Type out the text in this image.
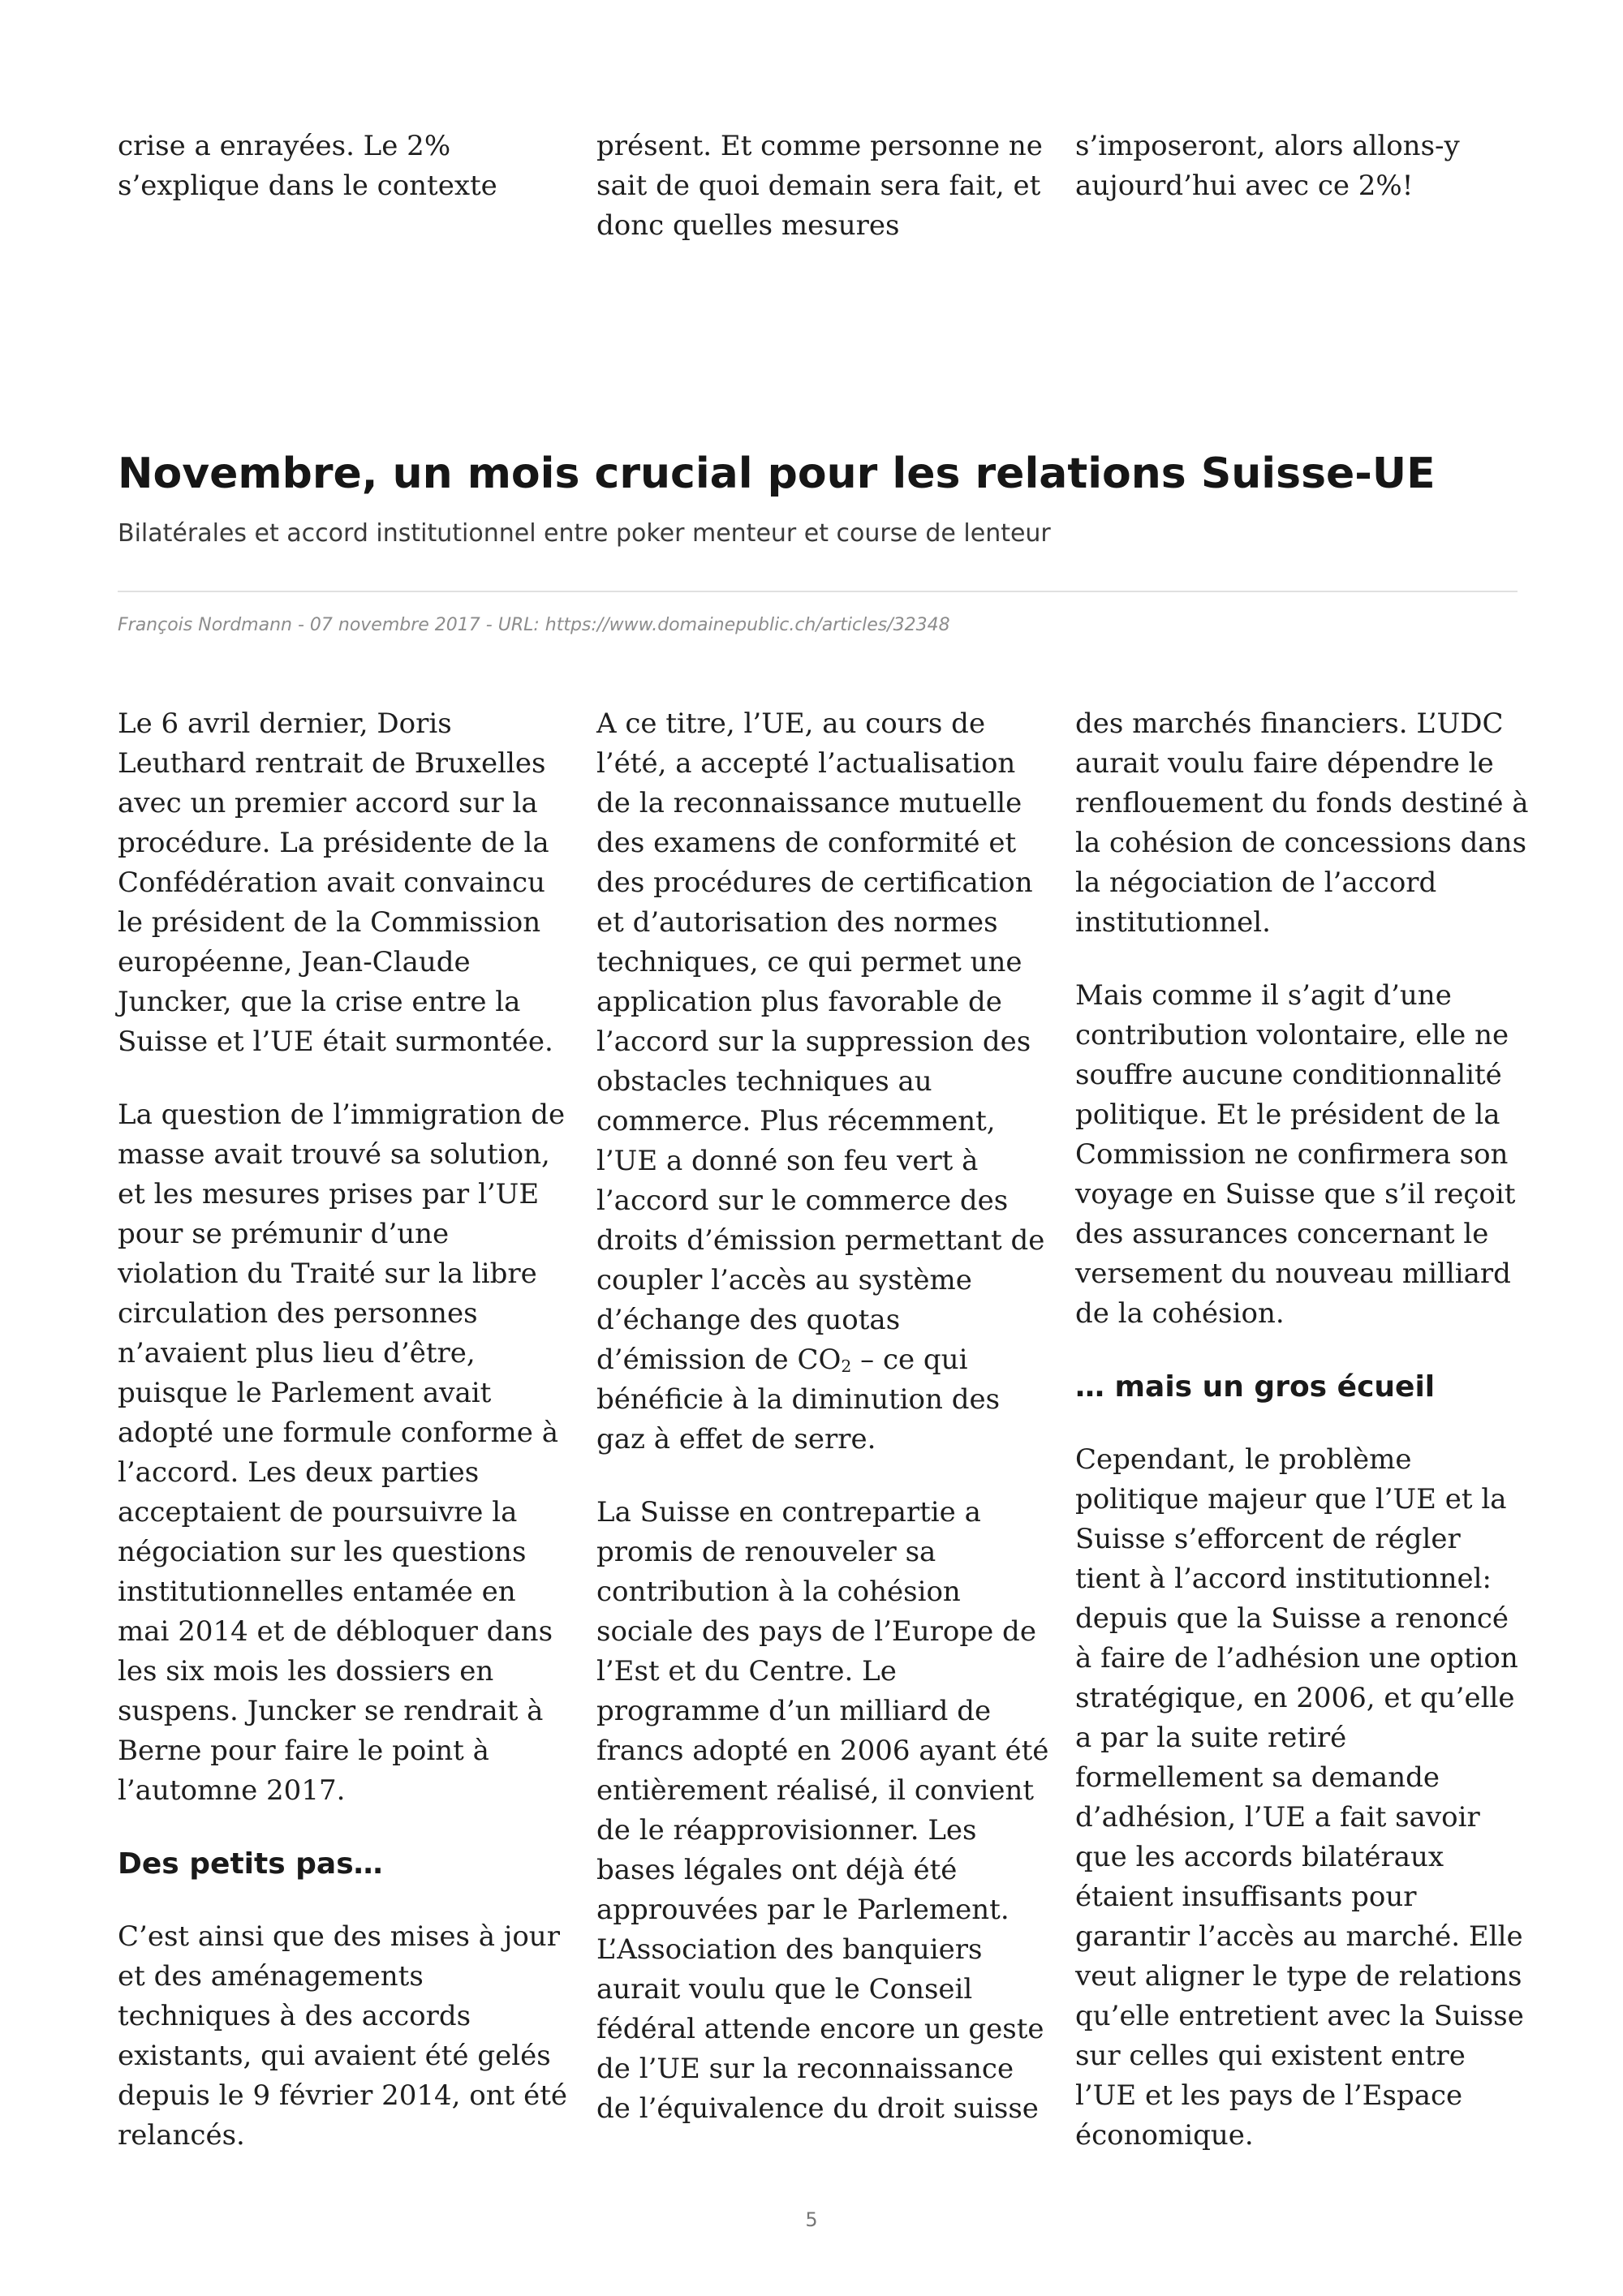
crise a enrayées. Le 2% s’explique dans le contexte

présent. Et comme personne ne sait de quoi demain sera fait, et donc quelles mesures

s’imposeront, alors allons-y aujourd’hui avec ce 2%!

Novembre, un mois crucial pour les relations Suisse-UE

Bilatérales et accord institutionnel entre poker menteur et course de lenteur

François Nordmann - 07 novembre 2017 - URL: https://www.domainepublic.ch/articles/32348

Le 6 avril dernier, Doris Leuthard rentrait de Bruxelles avec un premier accord sur la procédure. La présidente de la Confédération avait convaincu le président de la Commission européenne, Jean-Claude Juncker, que la crise entre la Suisse et l’UE était surmontée.

La question de l’immigration de masse avait trouvé sa solution, et les mesures prises par l’UE pour se prémunir d’une violation du Traité sur la libre circulation des personnes n’avaient plus lieu d’être, puisque le Parlement avait adopté une formule conforme à l’accord. Les deux parties acceptaient de poursuivre la négociation sur les questions institutionnelles entamée en mai 2014 et de débloquer dans les six mois les dossiers en suspens. Juncker se rendrait à Berne pour faire le point à l’automne 2017.

Des petits pas…

C’est ainsi que des mises à jour et des aménagements techniques à des accords existants, qui avaient été gelés depuis le 9 février 2014, ont été relancés.

A ce titre, l’UE, au cours de l’été, a accepté l’actualisation de la reconnaissance mutuelle des examens de conformité et des procédures de certification et d’autorisation des normes techniques, ce qui permet une application plus favorable de l’accord sur la suppression des obstacles techniques au commerce. Plus récemment, l’UE a donné son feu vert à l’accord sur le commerce des droits d’émission permettant de coupler l’accès au système d’échange des quotas d’émission de $CO_2$ – ce qui bénéficie à la diminution des gaz à effet de serre.

La Suisse en contrepartie a promis de renouveler sa contribution à la cohésion sociale des pays de l’Europe de l’Est et du Centre. Le programme d’un milliard de francs adopté en 2006 ayant été entièrement réalisé, il convient de le réapprovisionner. Les bases légales ont déjà été approuvées par le Parlement. L’Association des banquiers aurait voulu que le Conseil fédéral attende encore un geste de l’UE sur la reconnaissance de l’équivalence du droit suisse

des marchés financiers. L’UDC aurait voulu faire dépendre le renflouement du fonds destiné à la cohésion de concessions dans la négociation de l’accord institutionnel.

Mais comme il s’agit d’une contribution volontaire, elle ne souffre aucune conditionnalité politique. Et le président de la Commission ne confirmera son voyage en Suisse que s’il reçoit des assurances concernant le versement du nouveau milliard de la cohésion.

… mais un gros écueil

Cependant, le problème politique majeur que l’UE et la Suisse s’efforcent de régler tient à l’accord institutionnel: depuis que la Suisse a renoncé à faire de l’adhésion une option stratégique, en 2006, et qu’elle a par la suite retiré formellement sa demande d’adhésion, l’UE a fait savoir que les accords bilatéraux étaient insuffisants pour garantir l’accès au marché. Elle veut aligner le type de relations qu’elle entretient avec la Suisse sur celles qui existent entre l’UE et les pays de l’Espace économique.

5
